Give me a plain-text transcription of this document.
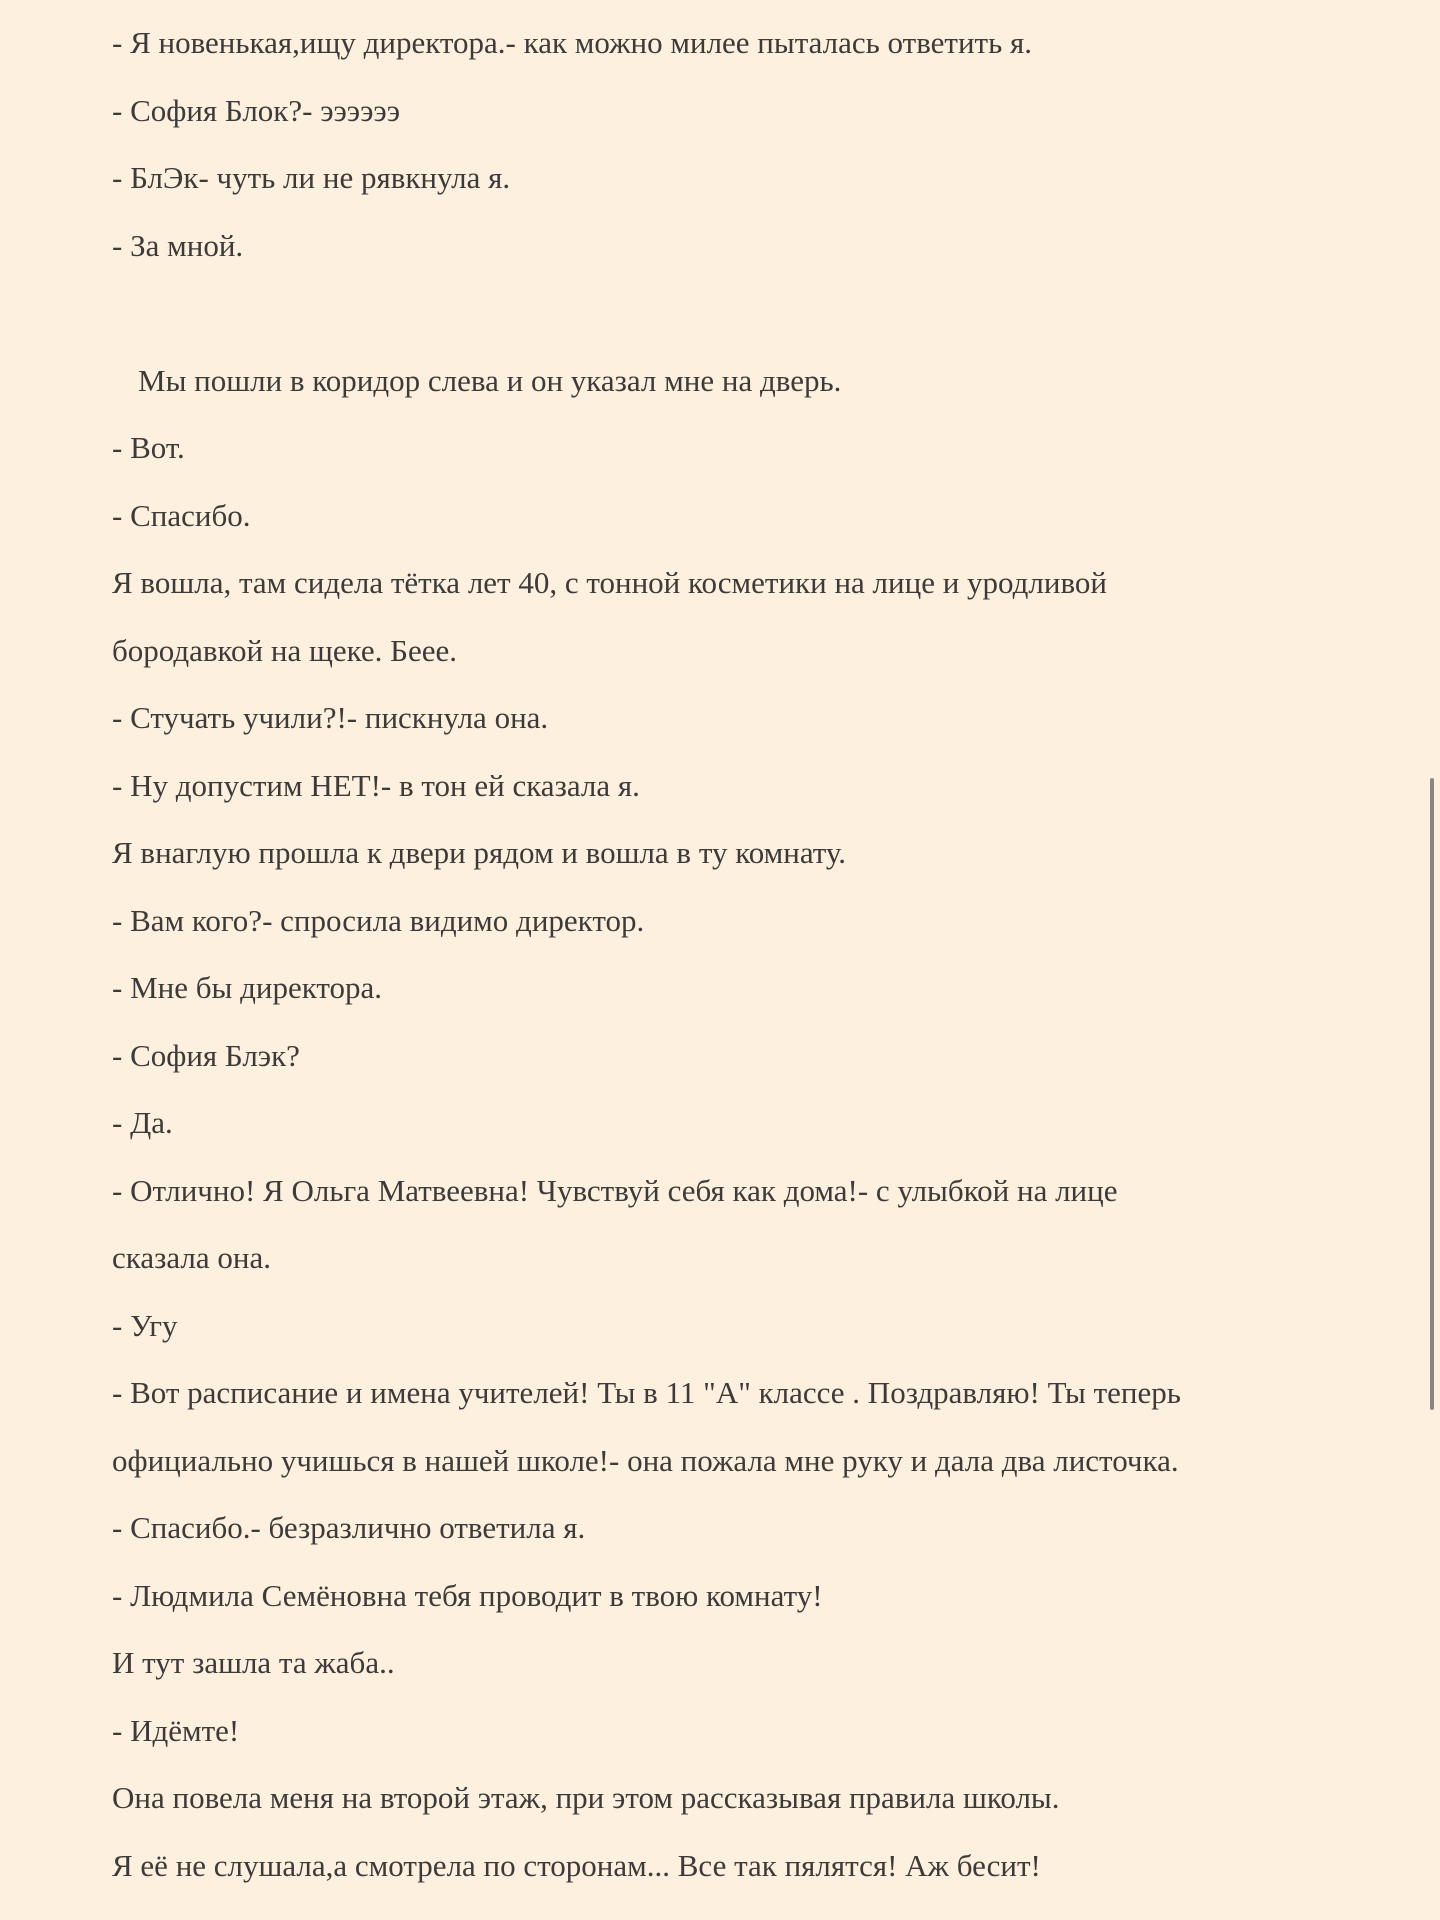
- Я новенькая,ищу директора.- как можно милее пыталась ответить я.
- София Блок?- ээээээ
- БлЭк- чуть ли не рявкнула я.
- За мной.
Мы пошли в коридор слева и он указал мне на дверь.
- Вот.
- Спасибо.
Я вошла, там сидела тётка лет 40, с тонной косметики на лице и уродливой
бородавкой на щеке. Бeee.
- Стучать учили?!- пискнула она.
- Ну допустим НЕТ!- в тон ей сказала я.
Я внаглую прошла к двери рядом и вошла в ту комнату.
- Вам кого?- спросила видимо директор.
- Мне бы директора.
- София Блэк?
- Да.
- Отлично! Я Ольга Матвеевна! Чувствуй себя как дома!- с улыбкой на лице
сказала она.
- Угу
- Вот расписание и имена учителей! Ты в 11 "А" классе . Поздравляю! Ты теперь
официально учишься в нашей школе!- она пожала мне руку и дала два листочка.
- Спасибо.- безразлично ответила я.
- Людмила Семёновна тебя проводит в твою комнату!
И тут зашла та жаба..
- Идёмте!
Она повела меня на второй этаж, при этом рассказывая правила школы.
Я её не слушала,а смотрела по сторонам... Все так пялятся! Аж бесит!
